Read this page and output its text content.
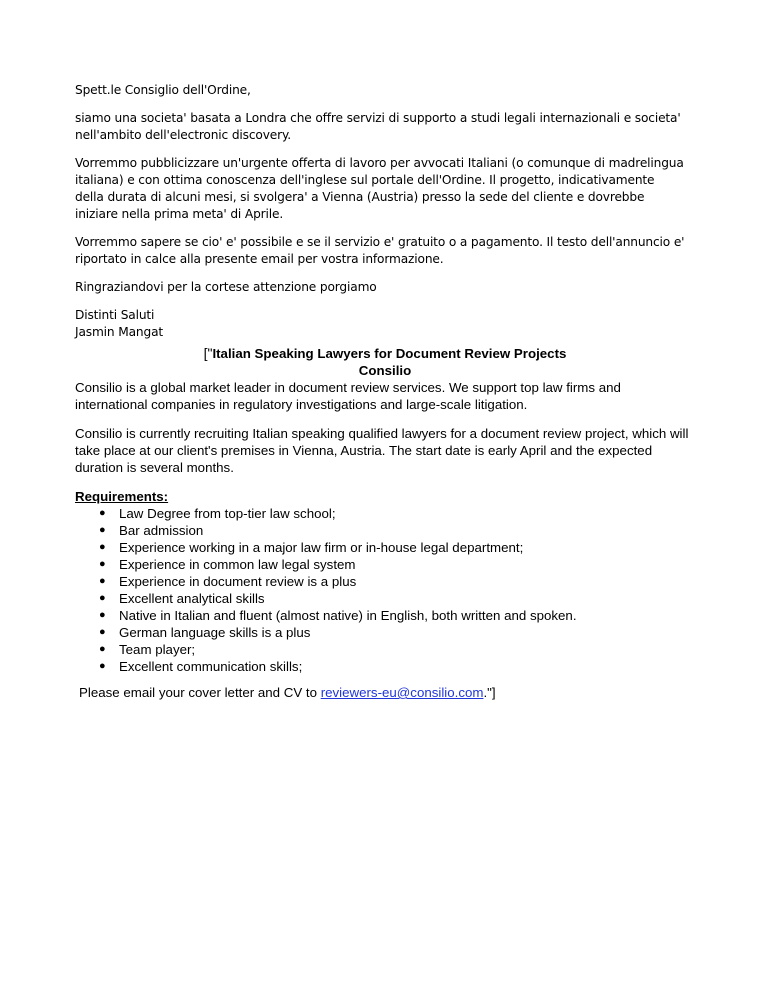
Spett.le Consiglio dell'Ordine,

siamo una societa' basata a Londra che offre servizi di supporto a studi legali internazionali e societa' nell'ambito dell'electronic discovery.

Vorremmo pubblicizzare un'urgente offerta di lavoro per avvocati Italiani (o comunque di madrelingua italiana) e con ottima conoscenza dell'inglese sul portale dell'Ordine. Il progetto, indicativamente della durata di alcuni mesi, si svolgera' a Vienna (Austria) presso la sede del cliente e dovrebbe iniziare nella prima meta' di Aprile.

Vorremmo sapere se cio' e' possibile e se il servizio e' gratuito o a pagamento. Il testo dell'annuncio e' riportato in calce alla presente email per vostra informazione.

Ringraziandovi per la cortese attenzione porgiamo

Distinti Saluti
Jasmin Mangat
["Italian Speaking Lawyers for Document Review Projects
Consilio

Consilio is a global market leader in document review services. We support top law firms and international companies in regulatory investigations and large-scale litigation.

Consilio is currently recruiting Italian speaking qualified lawyers for a document review project, which will take place at our client's premises in Vienna, Austria. The start date is early April and the expected duration is several months.

Requirements:
● Law Degree from top-tier law school;
● Bar admission
● Experience working in a major law firm or in-house legal department;
● Experience in common law legal system
● Experience in document review is a plus
● Excellent analytical skills
● Native in Italian and fluent (almost native) in English, both written and spoken.
● German language skills is a plus
● Team player;
● Excellent communication skills;
Please email your cover letter and CV to reviewers-eu@consilio.com."]
